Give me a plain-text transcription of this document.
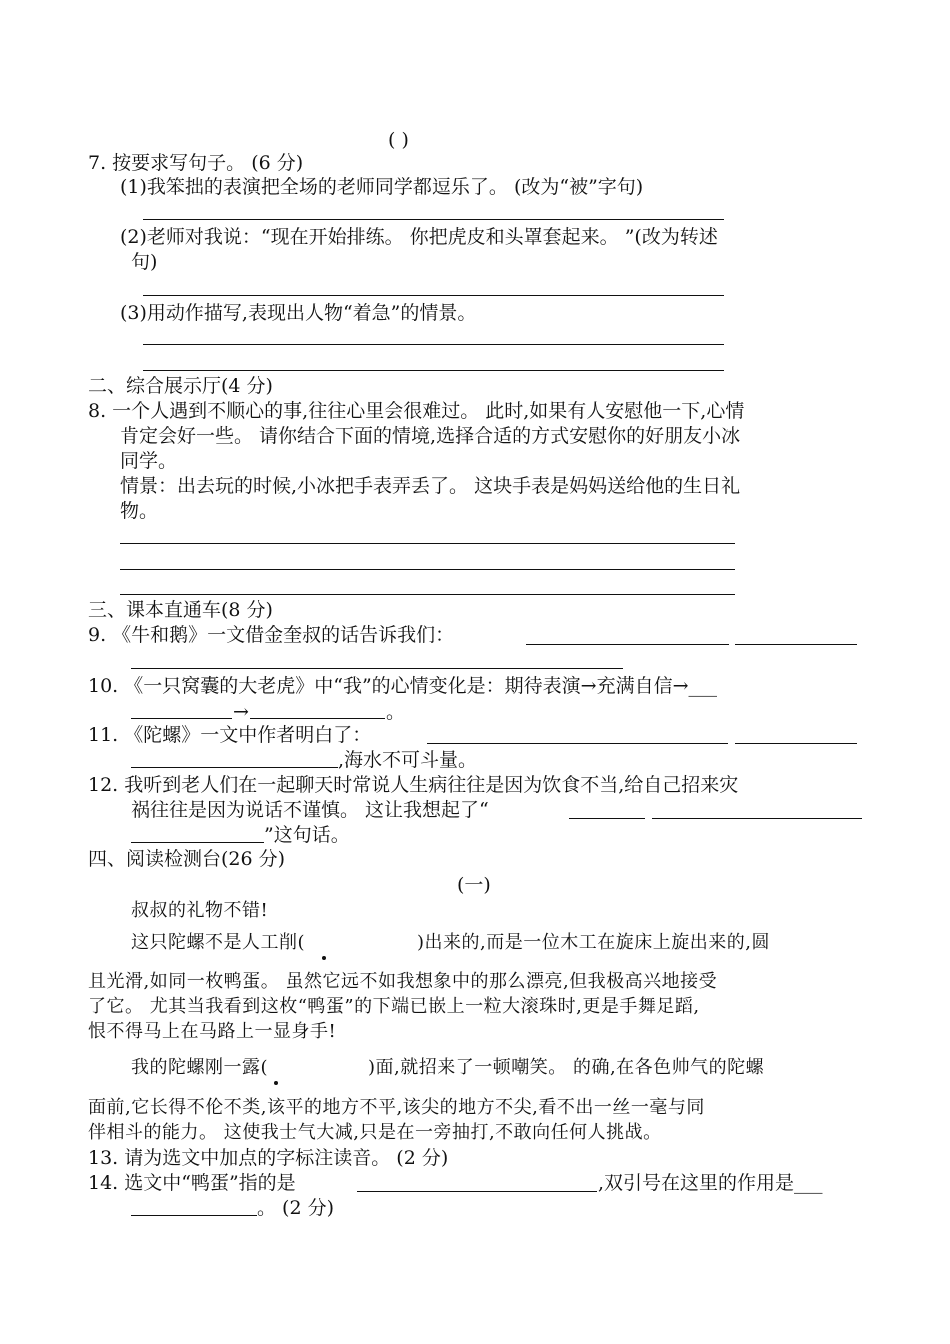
( )
7. 按要求写句子。 (6 分)
(1)我笨拙的表演把全场的老师同学都逗乐了。 (改为“被”字句)
(2)老师对我说：“现在开始排练。 你把虎皮和头罩套起来。 ”(改为转述
句)
(3)用动作描写,表现出人物“着急”的情景。
二、综合展示厅(4 分)
8. 一个人遇到不顺心的事,往往心里会很难过。 此时,如果有人安慰他一下,心情
肯定会好一些。 请你结合下面的情境,选择合适的方式安慰你的好朋友小冰
同学。
情景：出去玩的时候,小冰把手表弄丢了。 这块手表是妈妈送给他的生日礼
物。
三、课本直通车(8 分)
9. 《牛和鹅》一文借金奎叔的话告诉我们：
10. 《一只窝囊的大老虎》中“我”的心情变化是：期待表演→充满自信→___
→	。
11. 《陀螺》一文中作者明白了：
,海水不可斗量。
12. 我听到老人们在一起聊天时常说人生病往往是因为饮食不当,给自己招来灾
祸往往是因为说话不谨慎。 这让我想起了“
”这句话。
四、阅读检测台(26 分)
(一)
叔叔的礼物不错!
这只陀螺不是人工削(	)出来的,而是一位木工在旋床上旋出来的,圆
且光滑,如同一枚鸭蛋。 虽然它远不如我想象中的那么漂亮,但我极高兴地接受
了它。 尤其当我看到这枚“鸭蛋”的下端已嵌上一粒大滚珠时,更是手舞足蹈,
恨不得马上在马路上一显身手!
我的陀螺刚一露(	)面,就招来了一顿嘲笑。 的确,在各色帅气的陀螺
面前,它长得不伦不类,该平的地方不平,该尖的地方不尖,看不出一丝一毫与同
伴相斗的能力。 这使我士气大减,只是在一旁抽打,不敢向任何人挑战。
13. 请为选文中加点的字标注读音。 (2 分)
14. 选文中“鸭蛋”指的是	,双引号在这里的作用是___
。 (2 分)
